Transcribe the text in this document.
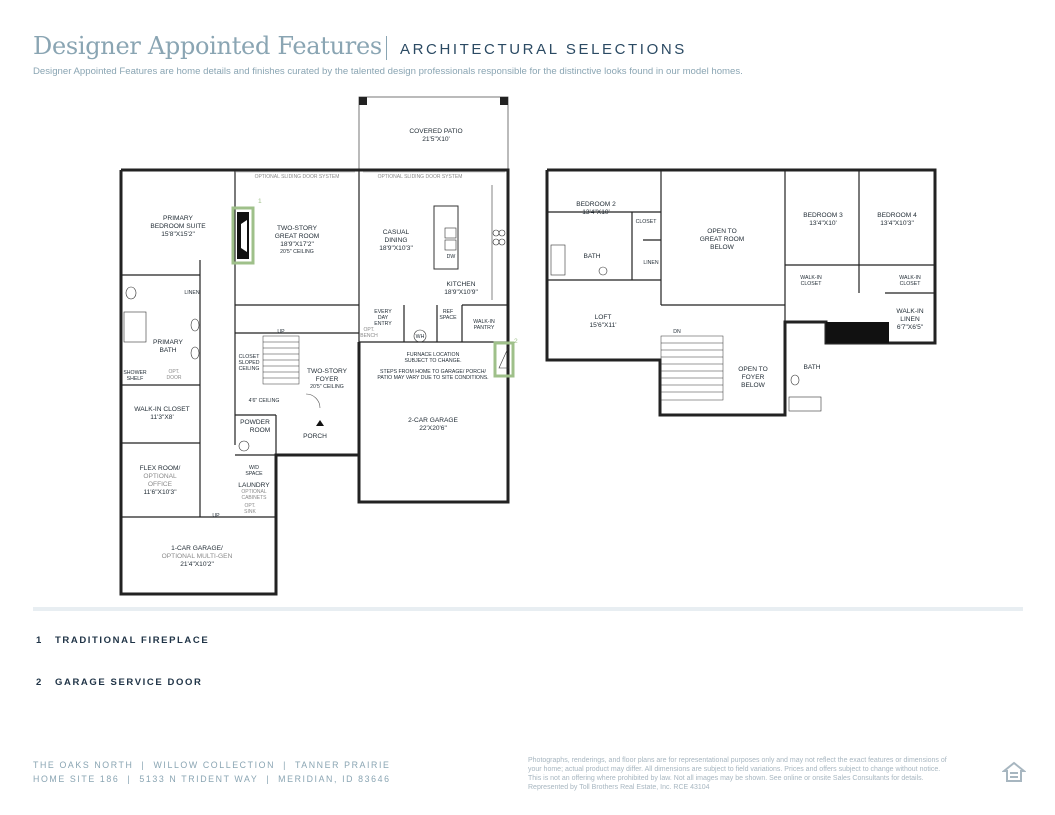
Designer Appointed Features ARCHITECTURAL SELECTIONS
Designer Appointed Features are home details and finishes curated by the talented design professionals responsible for the distinctive looks found in our model homes.
COVERED PATIO
21'5"X10'
OPTIONAL SLIDING DOOR SYSTEM	OPTIONAL SLIDING DOOR SYSTEM
DW
1
2
WH
PRIMARY
BEDROOM SUITE
15'8"X15'2"
TWO-STORY
GREAT ROOM
18'9"X17'2"
20'5" CEILING
CASUAL
DINING
18'9"X10'3"
KITCHEN
18'9"X10'9"
LINEN
PRIMARY
BATH
SHOWER
SHELF
OPT.
DOOR
WALK-IN CLOSET
11'3"X8'
FLEX ROOM/
OPTIONAL
OFFICE
11'6"X10'3"
1-CAR GARAGE/
OPTIONAL MULTI-GEN
21'4"X10'2"
UP
UP
CLOSET
SLOPED
CEILING
4'6" CEILING
TWO-STORY
FOYER
20'5" CEILING
PORCH
POWDER
ROOM
W/D
SPACE
LAUNDRY
OPTIONAL
CABINETS
OPT.
SINK
EVERY
DAY
ENTRY
OPT.
BENCH
REF
SPACE
WALK-IN
PANTRY
FURNACE LOCATION
SUBJECT TO CHANGE.
STEPS FROM HOME TO GARAGE/ PORCH/
PATIO MAY VARY DUE TO SITE CONDITIONS.
2-CAR GARAGE
22'X20'6"
BEDROOM 2
13'4"X10'
CLOSET
BATH
LINEN
OPEN TO
GREAT ROOM
BELOW
BEDROOM 3
13'4"X10'
BEDROOM 4
13'4"X10'3"
WALK-IN
CLOSET
WALK-IN
CLOSET
WALK-IN
LINEN
6'7"X6'5"
LOFT
15'6"X11'
DN
OPEN TO
FOYER
BELOW
BATH
1 TRADITIONAL FIREPLACE
2 GARAGE SERVICE DOOR
THE OAKS NORTH  |  WILLOW COLLECTION  |  TANNER PRAIRIE
HOME SITE 186  |  5133 N TRIDENT WAY  |  MERIDIAN, ID 83646
Photographs, renderings, and floor plans are for representational purposes only and may not reflect the exact features or dimensions of
your home; actual product may differ. All dimensions are subject to field variations. Prices and offers subject to change without notice.
This is not an offering where prohibited by law. Not all images may be shown. See online or onsite Sales Consultants for details.
Represented by Toll Brothers Real Estate, Inc. RCE 43104
